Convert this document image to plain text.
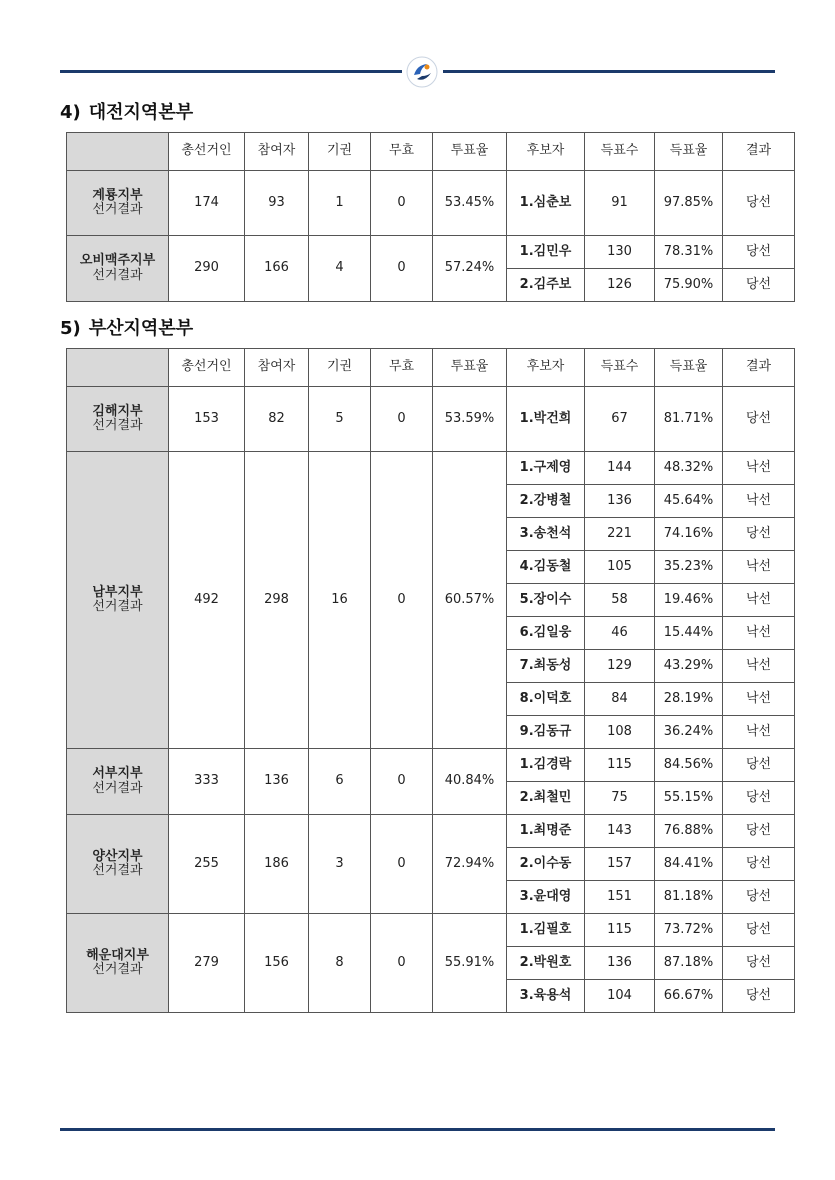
4) 대전지역본부
	총선거인	참여자	기권	무효	투표율	후보자	득표수	득표율	결과

계룡지부
선거결과	174	93	1	0	53.45%	1.심춘보	91	97.85%	당선

오비맥주지부
선거결과	290	166	4	0	57.24%	1.김민우	130	78.31%	당선
						2.김주보	126	75.90%	당선
5) 부산지역본부
	총선거인	참여자	기권	무효	투표율	후보자	득표수	득표율	결과

김해지부
선거결과	153	82	5	0	53.59%	1.박건희	67	81.71%	당선

남부지부
선거결과	492	298	16	0	60.57%	1.구제영	144	48.32%	낙선
						2.강병철	136	45.64%	낙선
						3.송천석	221	74.16%	당선
						4.김동철	105	35.23%	낙선
						5.장이수	58	19.46%	낙선
						6.김일웅	46	15.44%	낙선
						7.최동성	129	43.29%	낙선
						8.이덕호	84	28.19%	낙선
						9.김동규	108	36.24%	낙선

서부지부
선거결과	333	136	6	0	40.84%	1.김경락	115	84.56%	당선
						2.최철민	75	55.15%	당선

양산지부
선거결과	255	186	3	0	72.94%	1.최명준	143	76.88%	당선
						2.이수동	157	84.41%	당선
						3.윤대영	151	81.18%	당선

해운대지부
선거결과	279	156	8	0	55.91%	1.김필호	115	73.72%	당선
						2.박원호	136	87.18%	당선
						3.육용석	104	66.67%	당선
